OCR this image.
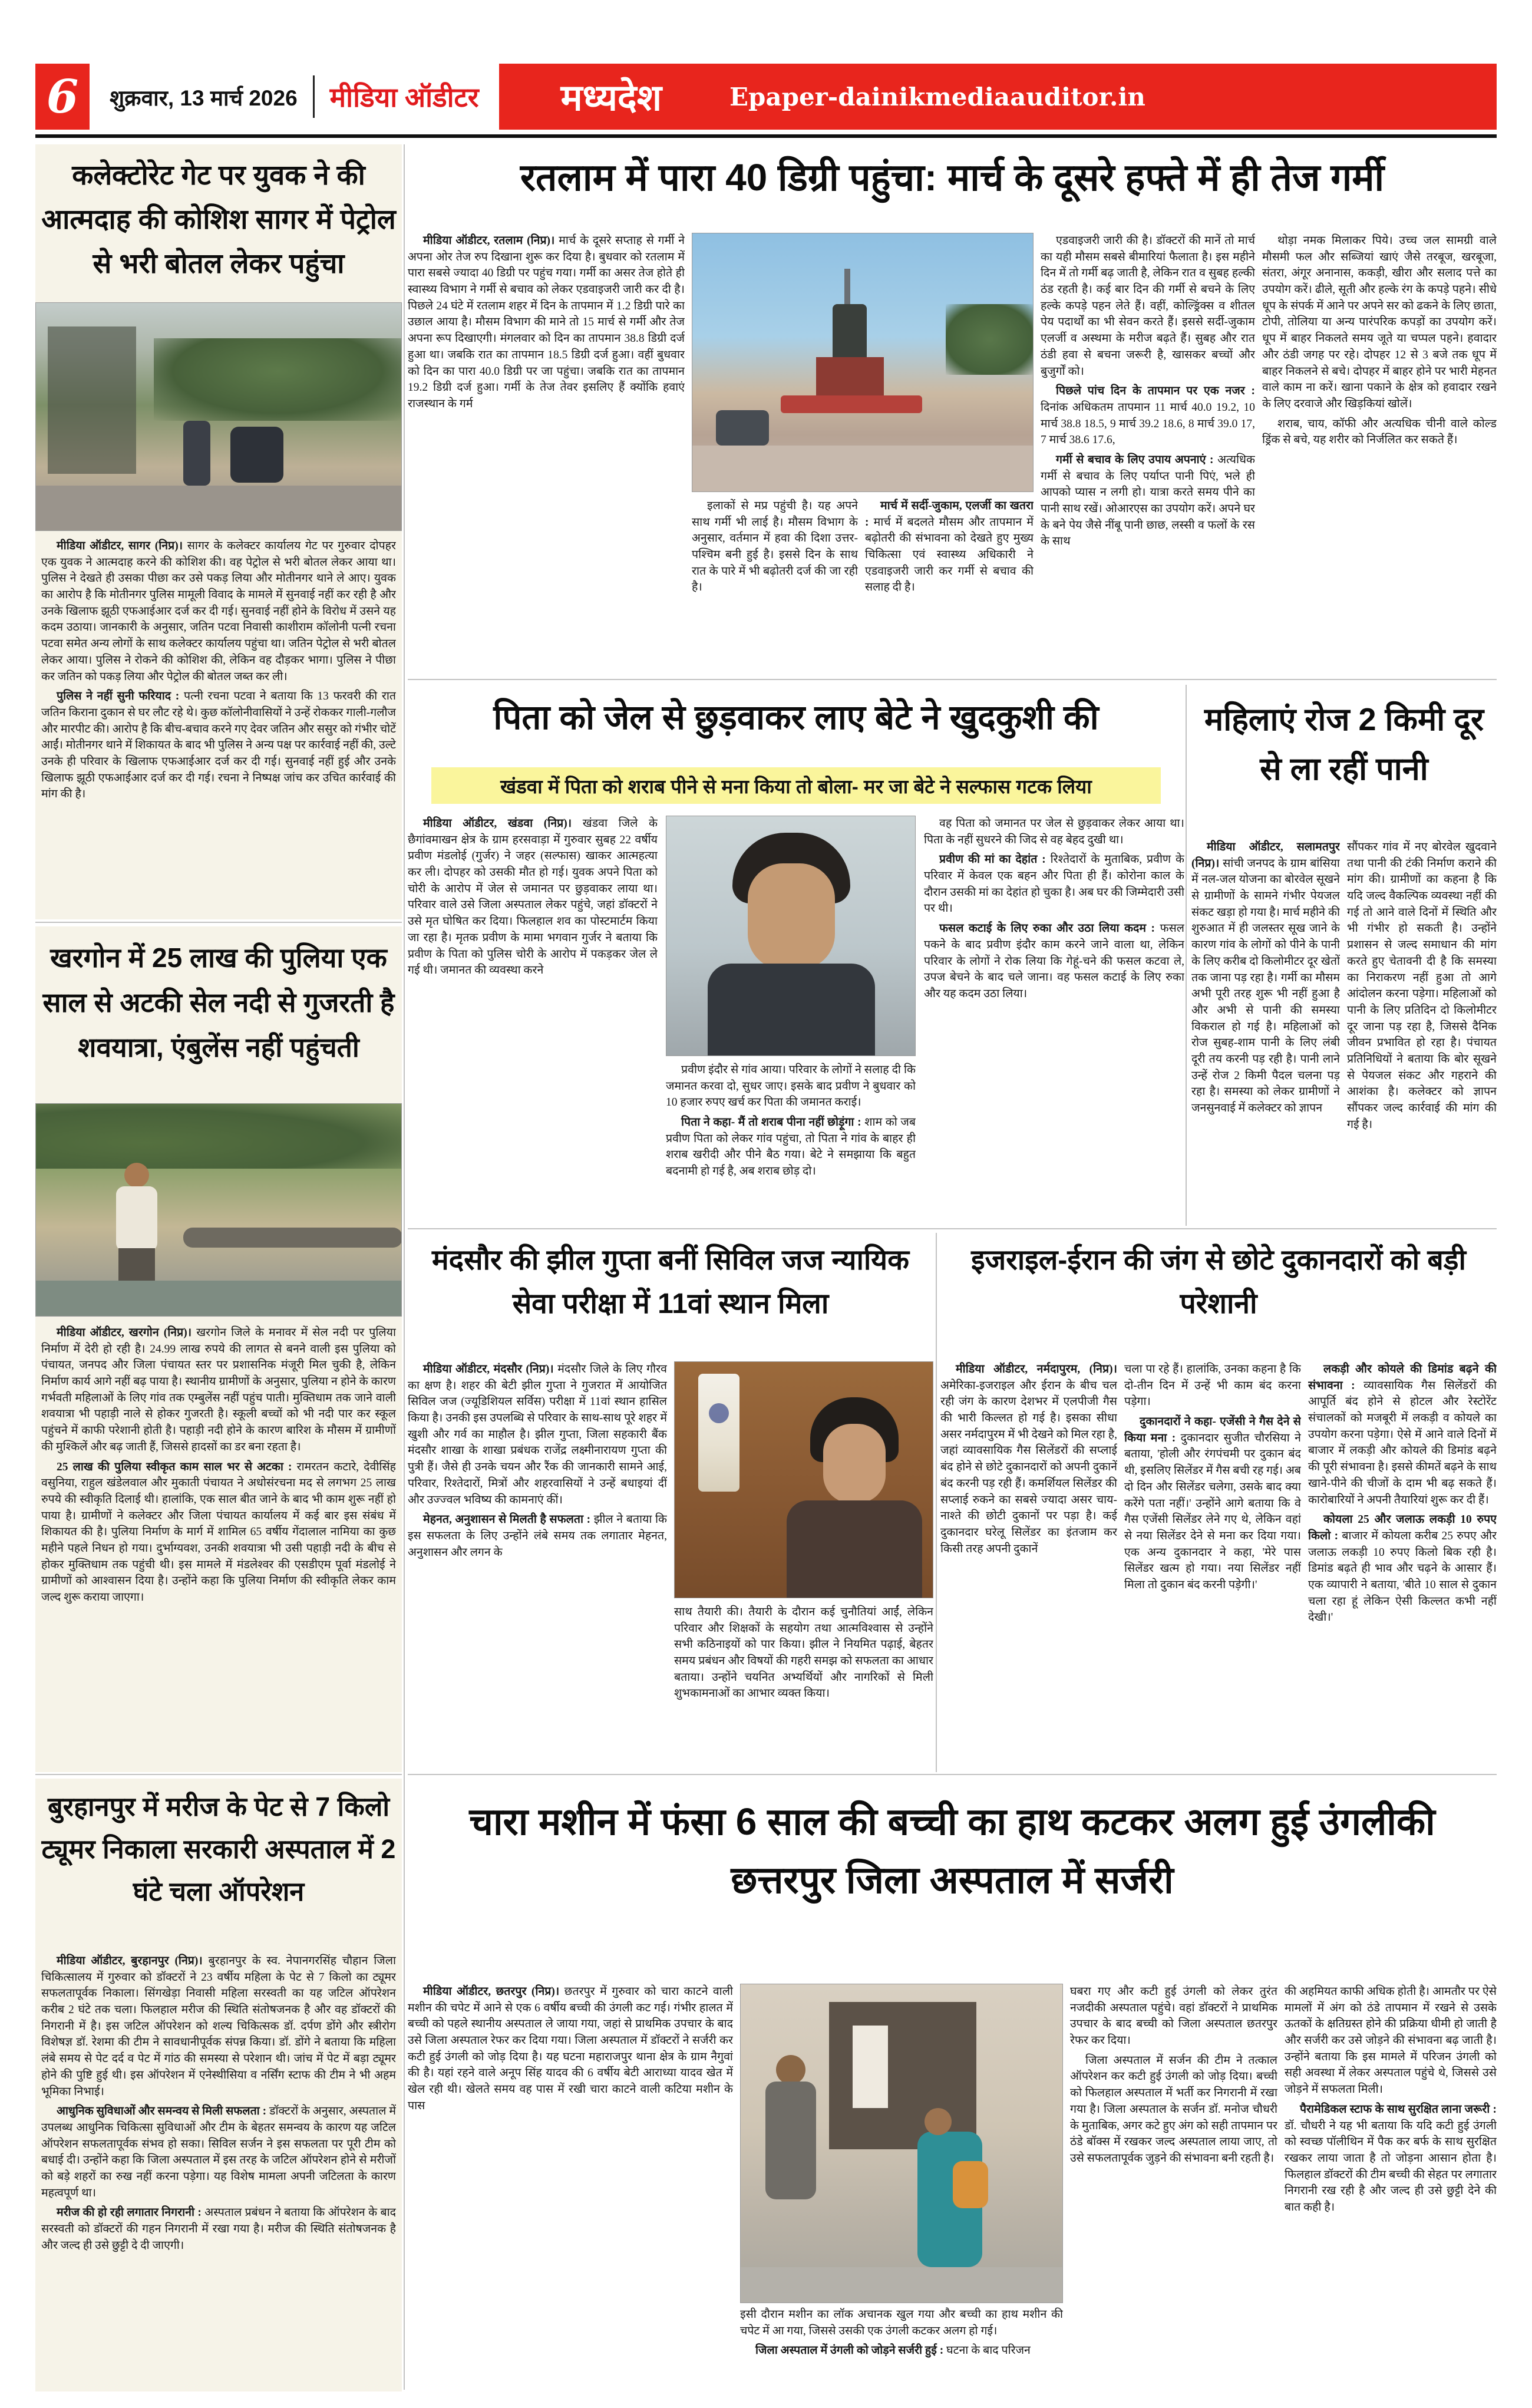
6	शुक्रवार, 13 मार्च 2026 मीडिया ऑडीटर मध्यदेश	Epaper-dainikmediaauditor.in
कलेक्टोरेट गेट पर युवक ने की आत्मदाह की कोशिश सागर में पेट्रोल से भरी बोतल लेकर पहुंचा

मीडिया ऑडीटर, सागर (निप्र)। सागर के कलेक्टर कार्यालय गेट पर गुरुवार दोपहर एक युवक ने आत्मदाह करने की कोशिश की। वह पेट्रोल से भरी बोतल लेकर आया था। पुलिस ने देखते ही उसका पीछा कर उसे पकड़ लिया और मोतीनगर थाने ले आए। युवक का आरोप है कि मोतीनगर पुलिस मामूली विवाद के मामले में सुनवाई नहीं कर रही है और उनके खिलाफ झूठी एफआईआर दर्ज कर दी गई। सुनवाई नहीं होने के विरोध में उसने यह कदम उठाया। जानकारी के अनुसार, जतिन पटवा निवासी काशीराम कॉलोनी पत्नी रचना पटवा समेत अन्य लोगों के साथ कलेक्टर कार्यालय पहुंचा था। जतिन पेट्रोल से भरी बोतल लेकर आया। पुलिस ने रोकने की कोशिश की, लेकिन वह दौड़कर भागा। पुलिस ने पीछा कर जतिन को पकड़ लिया और पेट्रोल की बोतल जब्त कर ली।

पुलिस ने नहीं सुनी फरियाद : पत्नी रचना पटवा ने बताया कि 13 फरवरी की रात जतिन किराना दुकान से घर लौट रहे थे। कुछ कॉलोनीवासियों ने उन्हें रोककर गाली-गलौज और मारपीट की। आरोप है कि बीच-बचाव करने गए देवर जतिन और ससुर को गंभीर चोटें आईं। मोतीनगर थाने में शिकायत के बाद भी पुलिस ने अन्य पक्ष पर कार्रवाई नहीं की, उल्टे उनके ही परिवार के खिलाफ एफआईआर दर्ज कर दी गई। सुनवाई नहीं हुई और उनके खिलाफ झूठी एफआईआर दर्ज कर दी गई। रचना ने निष्पक्ष जांच कर उचित कार्रवाई की मांग की है।

रतलाम में पारा 40 डिग्री पहुंचा: मार्च के दूसरे हफ्ते में ही तेज गर्मी

मीडिया ऑडीटर, रतलाम (निप्र)। मार्च के दूसरे सप्ताह से गर्मी ने अपना ओर तेज रुप दिखाना शुरू कर दिया है। बुधवार को रतलाम में पारा सबसे ज्यादा 40 डिग्री पर पहुंच गया। गर्मी का असर तेज होते ही स्वास्थ्य विभाग ने गर्मी से बचाव को लेकर एडवाइजरी जारी कर दी है। पिछले 24 घंटे में रतलाम शहर में दिन के तापमान में 1.2 डिग्री पारे का उछाल आया है। मौसम विभाग की माने तो 15 मार्च से गर्मी और तेज अपना रूप दिखाएगी। मंगलवार को दिन का तापमान 38.8 डिग्री दर्ज हुआ था। जबकि रात का तापमान 18.5 डिग्री दर्ज हुआ। वहीं बुधवार को दिन का पारा 40.0 डिग्री पर जा पहुंचा। जबकि रात का तापमान 19.2 डिग्री दर्ज हुआ। गर्मी के तेज तेवर इसलिए हैं क्योंकि हवाएं राजस्थान के गर्म

इलाकों से मप्र पहुंची है। यह अपने साथ गर्मी भी लाई है। मौसम विभाग के अनुसार, वर्तमान में हवा की दिशा उत्तर-पश्चिम बनी हुई है। इससे दिन के साथ रात के पारे में भी बढ़ोतरी दर्ज की जा रही है।

मार्च में सर्दी-जुकाम, एलर्जी का खतरा : मार्च में बदलते मौसम और तापमान में बढ़ोतरी की संभावना को देखते हुए मुख्य चिकित्सा एवं स्वास्थ्य अधिकारी ने एडवाइजरी जारी कर गर्मी से बचाव की सलाह दी है।

एडवाइजरी जारी की है। डॉक्टरों की मानें तो मार्च का यही मौसम सबसे बीमारियां फैलाता है। इस महीने दिन में तो गर्मी बढ़ जाती है, लेकिन रात व सुबह हल्की ठंड रहती है। कई बार दिन की गर्मी से बचने के लिए हल्के कपड़े पहन लेते हैं। वहीं, कोल्ड्रिंक्स व शीतल पेय पदार्थों का भी सेवन करते हैं। इससे सर्दी-जुकाम एलर्जी व अस्थमा के मरीज बढ़ते हैं। सुबह और रात ठंडी हवा से बचना जरूरी है, खासकर बच्चों और बुजुर्गों को।

पिछले पांच दिन के तापमान पर एक नजर : दिनांक अधिकतम तापमान 11 मार्च 40.0 19.2, 10 मार्च 38.8 18.5, 9 मार्च 39.2 18.6, 8 मार्च 39.0 17, 7 मार्च 38.6 17.6,

गर्मी से बचाव के लिए उपाय अपनाएं : अत्यधिक गर्मी से बचाव के लिए पर्याप्त पानी पिएं, भले ही आपको प्यास न लगी हो। यात्रा करते समय पीने का पानी साथ रखें। ओआरएस का उपयोग करें। अपने घर के बने पेय जैसे नींबू पानी छाछ, लस्सी व फलों के रस के साथ

थोड़ा नमक मिलाकर पिये। उच्च जल सामग्री वाले मौसमी फल और सब्जियां खाएं जैसे तरबूज, खरबूजा, संतरा, अंगूर अनानास, ककड़ी, खीरा और सलाद पत्ते का उपयोग करें। ढीले, सूती और हल्के रंग के कपड़े पहने। सीधे धूप के संपर्क में आने पर अपने सर को ढकने के लिए छाता, टोपी, तोलिया या अन्य पारंपरिक कपड़ों का उपयोग करें। धूप में बाहर निकलते समय जूते या चप्पल पहने। हवादार और ठंडी जगह पर रहे। दोपहर 12 से 3 बजे तक धूप में बाहर निकलने से बचे। दोपहर में बाहर होने पर भारी मेहनत वाले काम ना करें। खाना पकाने के क्षेत्र को हवादार रखने के लिए दरवाजे और खिड़कियां खोलें।

शराब, चाय, कॉफी और अत्यधिक चीनी वाले कोल्ड ड्रिंक से बचे, यह शरीर को निर्जलित कर सकते हैं।

पिता को जेल से छुड़वाकर लाए बेटे ने खुदकुशी की
खंडवा में पिता को शराब पीने से मना किया तो बोला- मर जा बेटे ने सल्फास गटक लिया

मीडिया ऑडीटर, खंडवा (निप्र)। खंडवा जिले के छैगांवमाखन क्षेत्र के ग्राम हरसवाड़ा में गुरुवार सुबह 22 वर्षीय प्रवीण मंडलोई (गुर्जर) ने जहर (सल्फास) खाकर आत्महत्या कर ली। दोपहर को उसकी मौत हो गई। युवक अपने पिता को चोरी के आरोप में जेल से जमानत पर छुड़वाकर लाया था। परिवार वाले उसे जिला अस्पताल लेकर पहुंचे, जहां डॉक्टरों ने उसे मृत घोषित कर दिया। फिलहाल शव का पोस्टमार्टम किया जा रहा है। मृतक प्रवीण के मामा भगवान गुर्जर ने बताया कि प्रवीण के पिता को पुलिस चोरी के आरोप में पकड़कर जेल ले गई थी। जमानत की व्यवस्था करने

प्रवीण इंदौर से गांव आया। परिवार के लोगों ने सलाह दी कि जमानत करवा दो, सुधर जाए। इसके बाद प्रवीण ने बुधवार को 10 हजार रुपए खर्च कर पिता की जमानत कराई।

पिता ने कहा- मैं तो शराब पीना नहीं छोड़ूंगा : शाम को जब प्रवीण पिता को लेकर गांव पहुंचा, तो पिता ने गांव के बाहर ही शराब खरीदी और पीने बैठ गया। बेटे ने समझाया कि बहुत बदनामी हो गई है, अब शराब छोड़ दो।

वह पिता को जमानत पर जेल से छुड़वाकर लेकर आया था। पिता के नहीं सुधरने की जिद से वह बेहद दुखी था।

प्रवीण की मां का देहांत : रिश्तेदारों के मुताबिक, प्रवीण के परिवार में केवल एक बहन और पिता ही हैं। कोरोना काल के दौरान उसकी मां का देहांत हो चुका है। अब घर की जिम्मेदारी उसी पर थी।

फसल कटाई के लिए रुका और उठा लिया कदम : फसल पकने के बाद प्रवीण इंदौर काम करने जाने वाला था, लेकिन परिवार के लोगों ने रोक लिया कि गेहूं-चने की फसल कटवा ले, उपज बेचने के बाद चले जाना। वह फसल कटाई के लिए रुका और यह कदम उठा लिया।

महिलाएं रोज 2 किमी दूर से ला रहीं पानी

मीडिया ऑडीटर, सलामतपुर (निप्र)। सांची जनपद के ग्राम बांसिया में नल-जल योजना का बोरवेल सूखने से ग्रामीणों के सामने गंभीर पेयजल संकट खड़ा हो गया है। मार्च महीने की शुरुआत में ही जलस्तर सूख जाने के कारण गांव के लोगों को पीने के पानी के लिए करीब दो किलोमीटर दूर खेतों तक जाना पड़ रहा है। गर्मी का मौसम अभी पूरी तरह शुरू भी नहीं हुआ है और अभी से पानी की समस्या विकराल हो गई है। महिलाओं को रोज सुबह-शाम पानी के लिए लंबी दूरी तय करनी पड़ रही है। पानी लाने उन्हें रोज 2 किमी पैदल चलना पड़ रहा है। समस्या को लेकर ग्रामीणों ने जनसुनवाई में कलेक्टर को ज्ञापन

सौंपकर गांव में नए बोरवेल खुदवाने तथा पानी की टंकी निर्माण कराने की मांग की। ग्रामीणों का कहना है कि यदि जल्द वैकल्पिक व्यवस्था नहीं की गई तो आने वाले दिनों में स्थिति और भी गंभीर हो सकती है। उन्होंने प्रशासन से जल्द समाधान की मांग करते हुए चेतावनी दी है कि समस्या का निराकरण नहीं हुआ तो आगे आंदोलन करना पड़ेगा। महिलाओं को पानी के लिए प्रतिदिन दो किलोमीटर दूर जाना पड़ रहा है, जिससे दैनिक जीवन प्रभावित हो रहा है। पंचायत प्रतिनिधियों ने बताया कि बोर सूखने से पेयजल संकट और गहराने की आशंका है। कलेक्टर को ज्ञापन सौंपकर जल्द कार्रवाई की मांग की गई है।

खरगोन में 25 लाख की पुलिया एक साल से अटकी सेल नदी से गुजरती है शवयात्रा, एंबुलेंस नहीं पहुंचती

मीडिया ऑडीटर, खरगोन (निप्र)। खरगोन जिले के मनावर में सेल नदी पर पुलिया निर्माण में देरी हो रही है। 24.99 लाख रुपये की लागत से बनने वाली इस पुलिया को पंचायत, जनपद और जिला पंचायत स्तर पर प्रशासनिक मंजूरी मिल चुकी है, लेकिन निर्माण कार्य आगे नहीं बढ़ पाया है। स्थानीय ग्रामीणों के अनुसार, पुलिया न होने के कारण गर्भवती महिलाओं के लिए गांव तक एम्बुलेंस नहीं पहुंच पाती। मुक्तिधाम तक जाने वाली शवयात्रा भी पहाड़ी नाले से होकर गुजरती है। स्कूली बच्चों को भी नदी पार कर स्कूल पहुंचने में काफी परेशानी होती है। पहाड़ी नदी होने के कारण बारिश के मौसम में ग्रामीणों की मुश्किलें और बढ़ जाती हैं, जिससे हादसों का डर बना रहता है।

25 लाख की पुलिया स्वीकृत काम साल भर से अटका : रामरतन कटारे, देवीसिंह वसुनिया, राहुल खंडेलवाल और मुकाती पंचायत ने अधोसंरचना मद से लगभग 25 लाख रुपये की स्वीकृति दिलाई थी। हालांकि, एक साल बीत जाने के बाद भी काम शुरू नहीं हो पाया है। ग्रामीणों ने कलेक्टर और जिला पंचायत कार्यालय में कई बार इस संबंध में शिकायत की है। पुलिया निर्माण के मार्ग में शामिल 65 वर्षीय गेंदालाल नामिया का कुछ महीने पहले निधन हो गया। दुर्भाग्यवश, उनकी शवयात्रा भी उसी पहाड़ी नदी के बीच से होकर मुक्तिधाम तक पहुंची थी। इस मामले में मंडलेश्वर की एसडीएम पूर्वा मंडलोई ने ग्रामीणों को आश्वासन दिया है। उन्होंने कहा कि पुलिया निर्माण की स्वीकृति लेकर काम जल्द शुरू कराया जाएगा।

मंदसौर की झील गुप्ता बनीं सिविल जज न्यायिक सेवा परीक्षा में 11वां स्थान मिला

मीडिया ऑडीटर, मंदसौर (निप्र)। मंदसौर जिले के लिए गौरव का क्षण है। शहर की बेटी झील गुप्ता ने गुजरात में आयोजित सिविल जज (ज्यूडिशियल सर्विस) परीक्षा में 11वां स्थान हासिल किया है। उनकी इस उपलब्धि से परिवार के साथ-साथ पूरे शहर में खुशी और गर्व का माहौल है। झील गुप्ता, जिला सहकारी बैंक मंदसौर शाखा के शाखा प्रबंधक राजेंद्र लक्ष्मीनारायण गुप्ता की पुत्री हैं। जैसे ही उनके चयन और रैंक की जानकारी सामने आई, परिवार, रिश्तेदारों, मित्रों और शहरवासियों ने उन्हें बधाइयां दीं और उज्ज्वल भविष्य की कामनाएं कीं।

मेहनत, अनुशासन से मिलती है सफलता : झील ने बताया कि इस सफलता के लिए उन्होंने लंबे समय तक लगातार मेहनत, अनुशासन और लगन के

साथ तैयारी की। तैयारी के दौरान कई चुनौतियां आईं, लेकिन परिवार और शिक्षकों के सहयोग तथा आत्मविश्वास से उन्होंने सभी कठिनाइयों को पार किया। झील ने नियमित पढ़ाई, बेहतर समय प्रबंधन और विषयों की गहरी समझ को सफलता का आधार बताया। उन्होंने चयनित अभ्यर्थियों और नागरिकों से मिली शुभकामनाओं का आभार व्यक्त किया।

इजराइल-ईरान की जंग से छोटे दुकानदारों को बड़ी परेशानी

मीडिया ऑडीटर, नर्मदापुरम, (निप्र)। अमेरिका-इजराइल और ईरान के बीच चल रही जंग के कारण देशभर में एलपीजी गैस की भारी किल्लत हो गई है। इसका सीधा असर नर्मदापुरम में भी देखने को मिल रहा है, जहां व्यावसायिक गैस सिलेंडरों की सप्लाई बंद होने से छोटे दुकानदारों को अपनी दुकानें बंद करनी पड़ रही हैं। कमर्शियल सिलेंडर की सप्लाई रुकने का सबसे ज्यादा असर चाय-नाश्ते की छोटी दुकानों पर पड़ा है। कई दुकानदार घरेलू सिलेंडर का इंतजाम कर किसी तरह अपनी दुकानें

चला पा रहे हैं। हालांकि, उनका कहना है कि दो-तीन दिन में उन्हें भी काम बंद करना पड़ेगा।

दुकानदारों ने कहा- एजेंसी ने गैस देने से किया मना : दुकानदार सुजीत चौरसिया ने बताया, 'होली और रंगपंचमी पर दुकान बंद थी, इसलिए सिलेंडर में गैस बची रह गई। अब दो दिन और सिलेंडर चलेगा, उसके बाद क्या करेंगे पता नहीं।' उन्होंने आगे बताया कि वे गैस एजेंसी सिलेंडर लेने गए थे, लेकिन वहां से नया सिलेंडर देने से मना कर दिया गया। एक अन्य दुकानदार ने कहा, 'मेरे पास सिलेंडर खत्म हो गया। नया सिलेंडर नहीं मिला तो दुकान बंद करनी पड़ेगी।'

लकड़ी और कोयले की डिमांड बढ़ने की संभावना : व्यावसायिक गैस सिलेंडरों की आपूर्ति बंद होने से होटल और रेस्टोरेंट संचालकों को मजबूरी में लकड़ी व कोयले का उपयोग करना पड़ेगा। ऐसे में आने वाले दिनों में बाजार में लकड़ी और कोयले की डिमांड बढ़ने की पूरी संभावना है। इससे कीमतें बढ़ने के साथ खाने-पीने की चीजों के दाम भी बढ़ सकते हैं। कारोबारियों ने अपनी तैयारियां शुरू कर दी हैं।

कोयला 25 और जलाऊ लकड़ी 10 रुपए किलो : बाजार में कोयला करीब 25 रुपए और जलाऊ लकड़ी 10 रुपए किलो बिक रही है। डिमांड बढ़ते ही भाव और चढ़ने के आसार हैं। एक व्यापारी ने बताया, 'बीते 10 साल से दुकान चला रहा हूं लेकिन ऐसी किल्लत कभी नहीं देखी।'

बुरहानपुर में मरीज के पेट से 7 किलो ट्यूमर निकाला सरकारी अस्पताल में 2 घंटे चला ऑपरेशन

मीडिया ऑडीटर, बुरहानपुर (निप्र)। बुरहानपुर के स्व. नेपानगरसिंह चौहान जिला चिकित्सालय में गुरुवार को डॉक्टरों ने 23 वर्षीय महिला के पेट से 7 किलो का ट्यूमर सफलतापूर्वक निकाला। सिंगखेड़ा निवासी महिला सरस्वती का यह जटिल ऑपरेशन करीब 2 घंटे तक चला। फिलहाल मरीज की स्थिति संतोषजनक है और वह डॉक्टरों की निगरानी में है। इस जटिल ऑपरेशन को शल्य चिकित्सक डॉ. दर्पण डोंगे और स्त्रीरोग विशेषज्ञ डॉ. रेशमा की टीम ने सावधानीपूर्वक संपन्न किया। डॉ. डोंगे ने बताया कि महिला लंबे समय से पेट दर्द व पेट में गांठ की समस्या से परेशान थी। जांच में पेट में बड़ा ट्यूमर होने की पुष्टि हुई थी। इस ऑपरेशन में एनेस्थीसिया व नर्सिंग स्टाफ की टीम ने भी अहम भूमिका निभाई।

आधुनिक सुविधाओं और समन्वय से मिली सफलता : डॉक्टरों के अनुसार, अस्पताल में उपलब्ध आधुनिक चिकित्सा सुविधाओं और टीम के बेहतर समन्वय के कारण यह जटिल ऑपरेशन सफलतापूर्वक संभव हो सका। सिविल सर्जन ने इस सफलता पर पूरी टीम को बधाई दी। उन्होंने कहा कि जिला अस्पताल में इस तरह के जटिल ऑपरेशन होने से मरीजों को बड़े शहरों का रुख नहीं करना पड़ेगा। यह विशेष मामला अपनी जटिलता के कारण महत्वपूर्ण था।

मरीज की हो रही लगातार निगरानी : अस्पताल प्रबंधन ने बताया कि ऑपरेशन के बाद सरस्वती को डॉक्टरों की गहन निगरानी में रखा गया है। मरीज की स्थिति संतोषजनक है और जल्द ही उसे छुट्टी दे दी जाएगी।

चारा मशीन में फंसा 6 साल की बच्ची का हाथ कटकर अलग हुई उंगलीकी छत्तरपुर जिला अस्पताल में सर्जरी

मीडिया ऑडीटर, छतरपुर (निप्र)। छतरपुर में गुरुवार को चारा काटने वाली मशीन की चपेट में आने से एक 6 वर्षीय बच्ची की उंगली कट गई। गंभीर हालत में बच्ची को पहले स्थानीय अस्पताल ले जाया गया, जहां से प्राथमिक उपचार के बाद उसे जिला अस्पताल रेफर कर दिया गया। जिला अस्पताल में डॉक्टरों ने सर्जरी कर कटी हुई उंगली को जोड़ दिया है। यह घटना महाराजपुर थाना क्षेत्र के ग्राम नैगुवां की है। यहां रहने वाले अनूप सिंह यादव की 6 वर्षीय बेटी आराध्या यादव खेत में खेल रही थी। खेलते समय वह पास में रखी चारा काटने वाली कटिया मशीन के पास

इसी दौरान मशीन का लॉक अचानक खुल गया और बच्ची का हाथ मशीन की चपेट में आ गया, जिससे उसकी एक उंगली कटकर अलग हो गई।

जिला अस्पताल में उंगली को जोड़ने सर्जरी हुई : घटना के बाद परिजन

घबरा गए और कटी हुई उंगली को लेकर तुरंत नजदीकी अस्पताल पहुंचे। वहां डॉक्टरों ने प्राथमिक उपचार के बाद बच्ची को जिला अस्पताल छतरपुर रेफर कर दिया।

जिला अस्पताल में सर्जन की टीम ने तत्काल ऑपरेशन कर कटी हुई उंगली को जोड़ दिया। बच्ची को फिलहाल अस्पताल में भर्ती कर निगरानी में रखा गया है। जिला अस्पताल के सर्जन डॉ. मनोज चौधरी के मुताबिक, अगर कटे हुए अंग को सही तापमान पर ठंडे बॉक्स में रखकर जल्द अस्पताल लाया जाए, तो उसे सफलतापूर्वक जुड़ने की संभावना बनी रहती है।

की अहमियत काफी अधिक होती है। आमतौर पर ऐसे मामलों में अंग को ठंडे तापमान में रखने से उसके ऊतकों के क्षतिग्रस्त होने की प्रक्रिया धीमी हो जाती है और सर्जरी कर उसे जोड़ने की संभावना बढ़ जाती है। उन्होंने बताया कि इस मामले में परिजन उंगली को सही अवस्था में लेकर अस्पताल पहुंचे थे, जिससे उसे जोड़ने में सफलता मिली।

पैरामेडिकल स्टाफ के साथ सुरक्षित लाना जरूरी : डॉ. चौधरी ने यह भी बताया कि यदि कटी हुई उंगली को स्वच्छ पॉलीथिन में पैक कर बर्फ के साथ सुरक्षित रखकर लाया जाता है तो जोड़ना आसान होता है। फिलहाल डॉक्टरों की टीम बच्ची की सेहत पर लगातार निगरानी रख रही है और जल्द ही उसे छुट्टी देने की बात कही है।
